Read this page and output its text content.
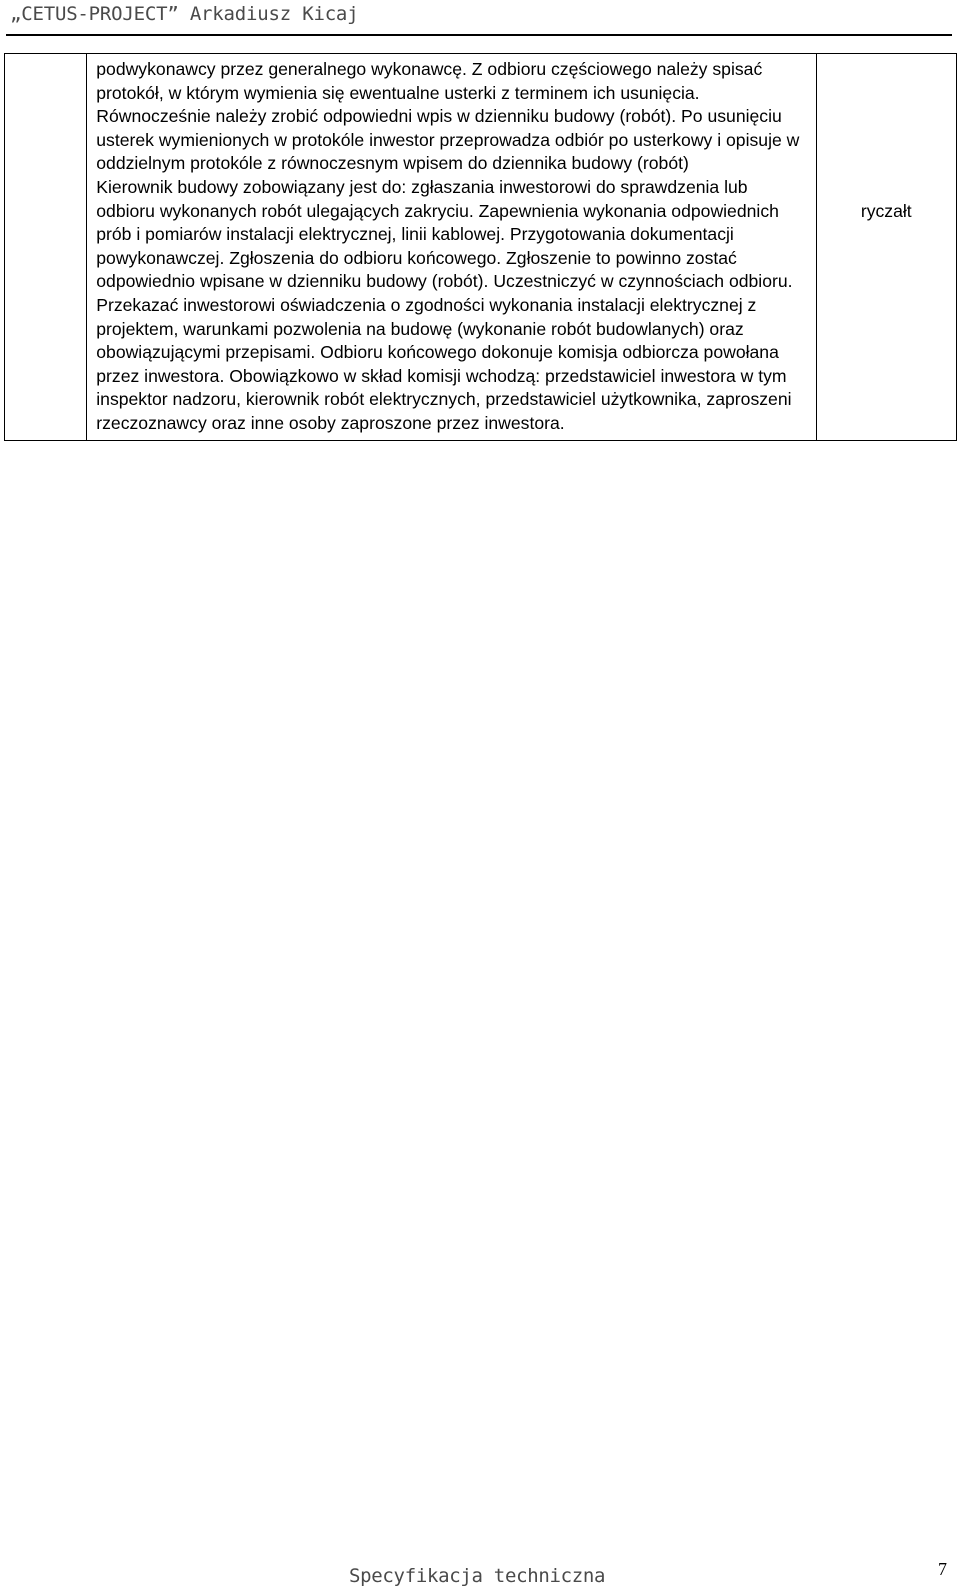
„CETUS-PROJECT” Arkadiusz Kicaj

podwykonawcy przez generalnego wykonawcę. Z odbioru częściowego należy spisać protokół, w którym wymienia się ewentualne usterki z terminem ich usunięcia. Równocześnie należy zrobić odpowiedni wpis w dzienniku budowy (robót). Po usunięciu usterek wymienionych w protokóle inwestor przeprowadza odbiór po usterkowy i opisuje w oddzielnym protokóle z równoczesnym wpisem do dziennika budowy (robót)

Kierownik budowy zobowiązany jest do: zgłaszania inwestorowi do sprawdzenia lub odbioru wykonanych robót ulegających zakryciu. Zapewnienia wykonania odpowiednich prób i pomiarów instalacji elektrycznej, linii kablowej. Przygotowania dokumentacji powykonawczej. Zgłoszenia do odbioru końcowego. Zgłoszenie to powinno zostać odpowiednio wpisane w dzienniku budowy (robót). Uczestniczyć w czynnościach odbioru. Przekazać inwestorowi oświadczenia o zgodności wykonania instalacji elektrycznej z projektem, warunkami pozwolenia na budowę (wykonanie robót budowlanych) oraz obowiązującymi przepisami. Odbioru końcowego dokonuje komisja odbiorcza powołana przez inwestora. Obowiązkowo w skład komisji wchodzą: przedstawiciel inwestora w tym inspektor nadzoru, kierownik robót elektrycznych, przedstawiciel użytkownika, zaproszeni rzeczoznawcy oraz inne osoby zaproszone przez inwestora.

ryczałt
Specyfikacja techniczna	7
